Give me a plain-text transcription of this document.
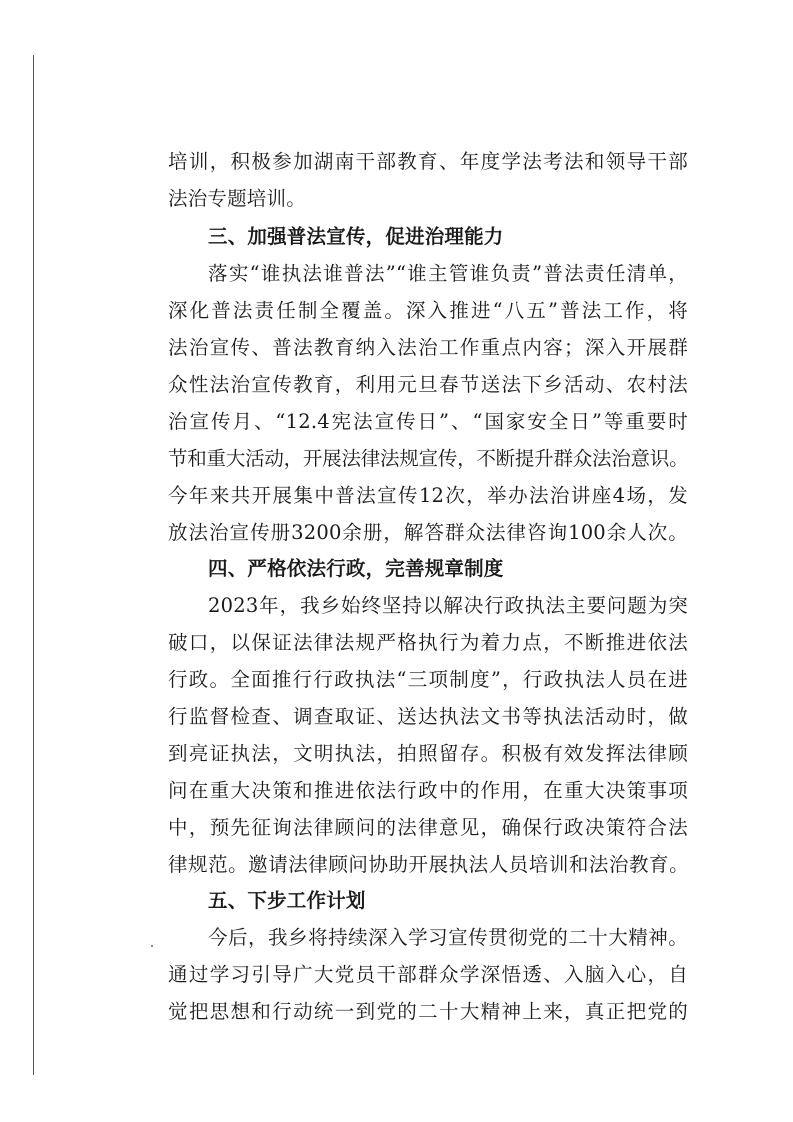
培训，积极参加湖南干部教育、年度学法考法和领导干部
法治专题培训。
三、加强普法宣传，促进治理能力
落实“谁执法谁普法”“谁主管谁负责”普法责任清单，
深化普法责任制全覆盖。深入推进“八五”普法工作，将
法治宣传、普法教育纳入法治工作重点内容；深入开展群
众性法治宣传教育，利用元旦春节送法下乡活动、农村法
治宣传月、“12.4宪法宣传日”、“国家安全日”等重要时
节和重大活动，开展法律法规宣传，不断提升群众法治意识。
今年来共开展集中普法宣传12次，举办法治讲座4场，发
放法治宣传册3200余册，解答群众法律咨询100余人次。
四、严格依法行政，完善规章制度
2023年，我乡始终坚持以解决行政执法主要问题为突
破口，以保证法律法规严格执行为着力点，不断推进依法
行政。全面推行行政执法“三项制度”，行政执法人员在进
行监督检查、调查取证、送达执法文书等执法活动时，做
到亮证执法，文明执法，拍照留存。积极有效发挥法律顾
问在重大决策和推进依法行政中的作用，在重大决策事项
中，预先征询法律顾问的法律意见，确保行政决策符合法
律规范。邀请法律顾问协助开展执法人员培训和法治教育。
五、下步工作计划
今后，我乡将持续深入学习宣传贯彻党的二十大精神。
通过学习引导广大党员干部群众学深悟透、入脑入心，自
觉把思想和行动统一到党的二十大精神上来，真正把党的
